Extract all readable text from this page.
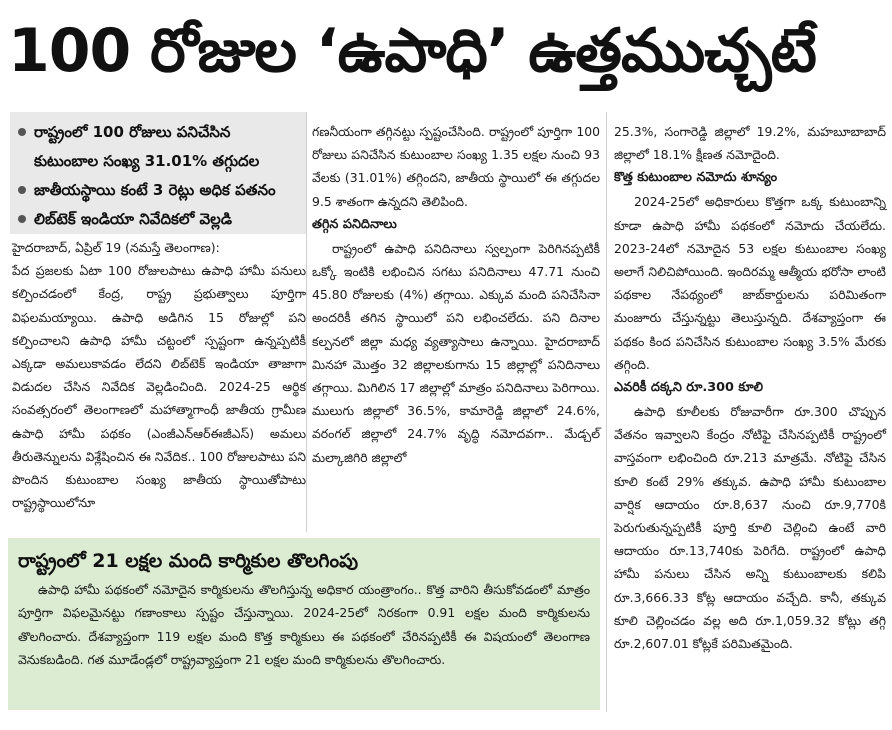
100 రోజుల ‘ఉపాధి’ ఉత్తముచ్చటే
రాష్ట్రంలో 100 రోజులు పనిచేసిన కుటుంబాల సంఖ్య 31.01% తగ్గుదల
జాతీయస్థాయి కంటే 3 రెట్లు అధిక పతనం
లిబ్‌టెక్ ఇండియా నివేదికలో వెల్లడి

హైదరాబాద్, ఏప్రిల్ 19 (నమస్తే తెలంగాణ):

పేద ప్రజలకు ఏటా 100 రోజులపాటు ఉపాధి హామీ పనులు కల్పించడంలో కేంద్ర, రాష్ట్ర ప్రభుత్వాలు పూర్తిగా విఫలమయ్యాయి. ఉపాధి అడిగిన 15 రోజుల్లో పని కల్పించాలని ఉపాధి హామీ చట్టంలో స్పష్టంగా ఉన్నప్పటికీ ఎక్కడా అమలుకావడం లేదని లిబ్‌టెక్ ఇండియా తాజాగా విడుదల చేసిన నివేదిక వెల్లడించింది. 2024-25 ఆర్థిక సంవత్సరంలో తెలంగాణలో మహాత్మాగాంధీ జాతీయ గ్రామీణ ఉపాధి హామీ పథకం (ఎంజీఎన్ఆర్ఈజీఎస్) అమలు తీరుతెన్నులను విశ్లేషించిన ఈ నివేదిక.. 100 రోజులపాటు పని పొందిన కుటుంబాల సంఖ్య జాతీయ స్థాయితోపాటు రాష్ట్రస్థాయిలోనూ

గణనీయంగా తగ్గినట్టు స్పష్టంచేసింది. రాష్ట్రంలో పూర్తిగా 100 రోజులు పనిచేసిన కుటుంబాల సంఖ్య 1.35 లక్షల నుంచి 93 వేలకు (31.01%) తగ్గిందని, జాతీయ స్థాయిలో ఈ తగ్గుదల 9.5 శాతంగా ఉన్నదని తెలిపింది.

తగ్గిన పనిదినాలు

రాష్ట్రంలో ఉపాధి పనిదినాలు స్వల్పంగా పెరిగినప్పటికీ ఒక్కో ఇంటికి లభించిన సగటు పనిదినాలు 47.71 నుంచి 45.80 రోజులకు (4%) తగ్గాయి. ఎక్కువ మంది పనిచేసినా అందరికీ తగిన స్థాయిలో పని లభించలేదు. పని దినాల కల్పనలో జిల్లా మధ్య వ్యత్యాసాలు ఉన్నాయి. హైదరాబాద్ మినహా మొత్తం 32 జిల్లాలకుగాను 15 జిల్లాల్లో పనిదినాలు తగ్గాయి. మిగిలిన 17 జిల్లాల్లో మాత్రం పనిదినాలు పెరిగాయి. ములుగు జిల్లాలో 36.5%, కామారెడ్డి జిల్లాలో 24.6%, వరంగల్ జిల్లాలో 24.7% వృద్ధి నమోదవగా.. మేడ్చల్ మల్కాజిగిరి జిల్లాలో

25.3%, సంగారెడ్డి జిల్లాలో 19.2%, మహబూబాబాద్ జిల్లాలో 18.1% క్షీణత నమోదైంది.

కొత్త కుటుంబాల నమోదు శూన్యం

2024-25లో అధికారులు కొత్తగా ఒక్క కుటుంబాన్ని కూడా ఉపాధి హామీ పథకంలో నమోదు చేయలేదు. 2023-24లో నమోదైన 53 లక్షల కుటుంబాల సంఖ్య అలాగే నిలిచిపోయింది. ఇందిరమ్మ ఆత్మీయ భరోసా లాంటి పథకాల నేపథ్యంలో జాబ్‌కార్డులను పరిమితంగా మంజూరు చేస్తున్నట్టు తెలుస్తున్నది. దేశవ్యాప్తంగా ఈ పథకం కింద పనిచేసిన కుటుంబాల సంఖ్య 3.5% మేరకు తగ్గింది.

ఎవరికీ దక్కని రూ.300 కూలి

ఉపాధి కూలీలకు రోజువారీగా రూ.300 చొప్పున వేతనం ఇవ్వాలని కేంద్రం నోటిఫై చేసినప్పటికీ రాష్ట్రంలో వాస్తవంగా లభించింది రూ.213 మాత్రమే. నోటిఫై చేసిన కూలి కంటే 29% తక్కువ. ఉపాధి హామీ కుటుంబాల వార్షిక ఆదాయం రూ.8,637 నుంచి రూ.9,770కి పెరుగుతున్నప్పటికీ పూర్తి కూలి చెల్లించి ఉంటే వారి ఆదాయం రూ.13,740కు పెరిగేది. రాష్ట్రంలో ఉపాధి హామీ పనులు చేసిన అన్ని కుటుంబాలకు కలిపి రూ.3,666.33 కోట్ల ఆదాయం వచ్చేది. కానీ, తక్కువ కూలి చెల్లించడం వల్ల అది రూ.1,059.32 కోట్లు తగ్గి రూ.2,607.01 కోట్లకే పరిమితమైంది.

రాష్ట్రంలో 21 లక్షల మంది కార్మికుల తొలగింపు
ఉపాధి హామీ పథకంలో నమోదైన కార్మికులను తొలగిస్తున్న అధికార యంత్రాంగం.. కొత్త వారిని తీసుకోవడంలో మాత్రం పూర్తిగా విఫలమైనట్టు గణాంకాలు స్పష్టం చేస్తున్నాయి. 2024-25లో నిరకంగా 0.91 లక్షల మంది కార్మికులను తొలగించారు. దేశవ్యాప్తంగా 119 లక్షల మంది కొత్త కార్మికులు ఈ పథకంలో చేరినప్పటికీ ఈ విషయంలో తెలంగాణ వెనుకబడింది. గత మూడేండ్లలో రాష్ట్రవ్యాప్తంగా 21 లక్షల మంది కార్మికులను తొలగించారు.
